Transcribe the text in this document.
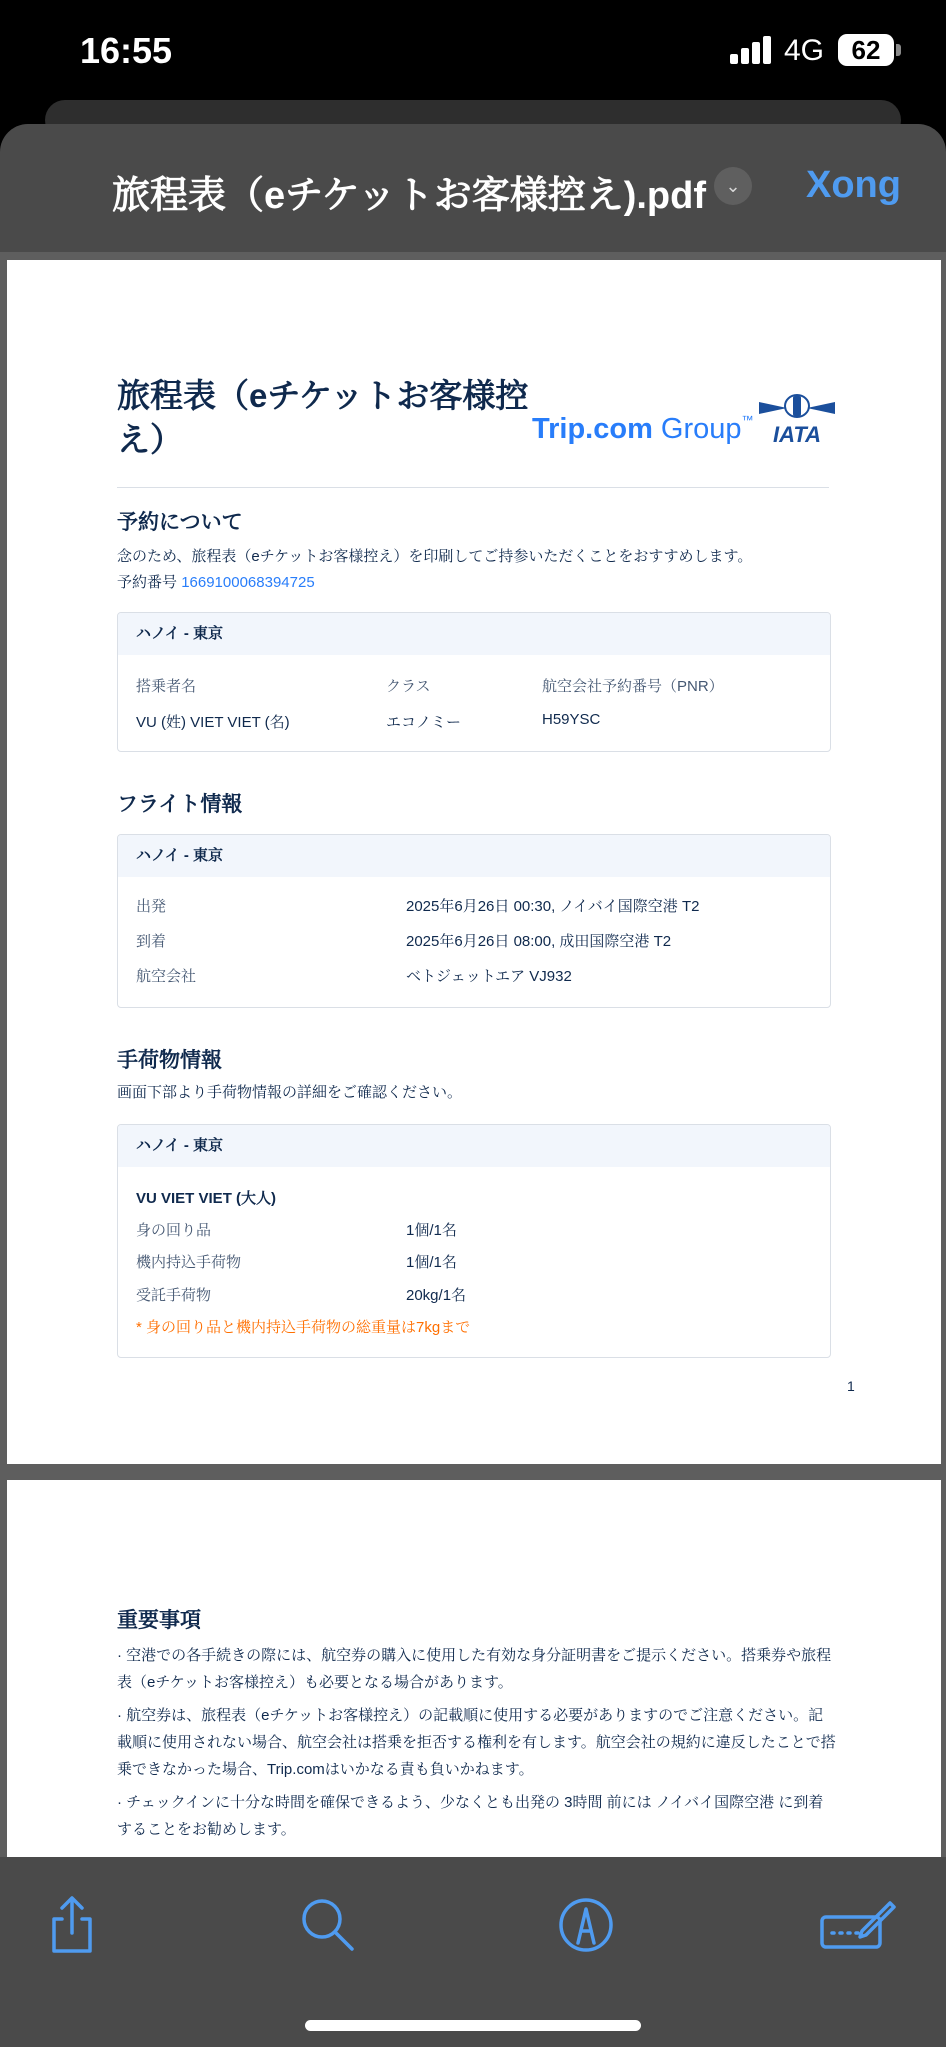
16:55	4G	62
旅程表（eチケットお客様控え).pdf	⌄	Xong
旅程表（eチケットお客様控え）	Trip.com Group™
IATA
予約について
念のため、旅程表（eチケットお客様控え）を印刷してご持参いただくことをおすすめします。
予約番号 1669100068394725
ハノイ - 東京
搭乗者名	クラス	航空会社予約番号（PNR）
VU (姓) VIET VIET (名)	エコノミー	H59YSC
フライト情報
ハノイ - 東京
出発	2025年6月26日 00:30, ノイバイ国際空港 T2
到着	2025年6月26日 08:00, 成田国際空港 T2
航空会社	ベトジェットエア VJ932
手荷物情報
画面下部より手荷物情報の詳細をご確認ください。
ハノイ - 東京
VU VIET VIET (大人)
身の回り品	1個/1名
機内持込手荷物	1個/1名
受託手荷物	20kg/1名
* 身の回り品と機内持込手荷物の総重量は7kgまで
1
重要事項

· 空港での各手続きの際には、航空券の購入に使用した有効な身分証明書をご提示ください。搭乗券や旅程表（eチケットお客様控え）も必要となる場合があります。

· 航空券は、旅程表（eチケットお客様控え）の記載順に使用する必要がありますのでご注意ください。記載順に使用されない場合、航空会社は搭乗を拒否する権利を有します。航空会社の規約に違反したことで搭乗できなかった場合、Trip.comはいかなる責も負いかねます。

· チェックインに十分な時間を確保できるよう、少なくとも出発の 3時間 前には ノイバイ国際空港 に到着することをお勧めします。
